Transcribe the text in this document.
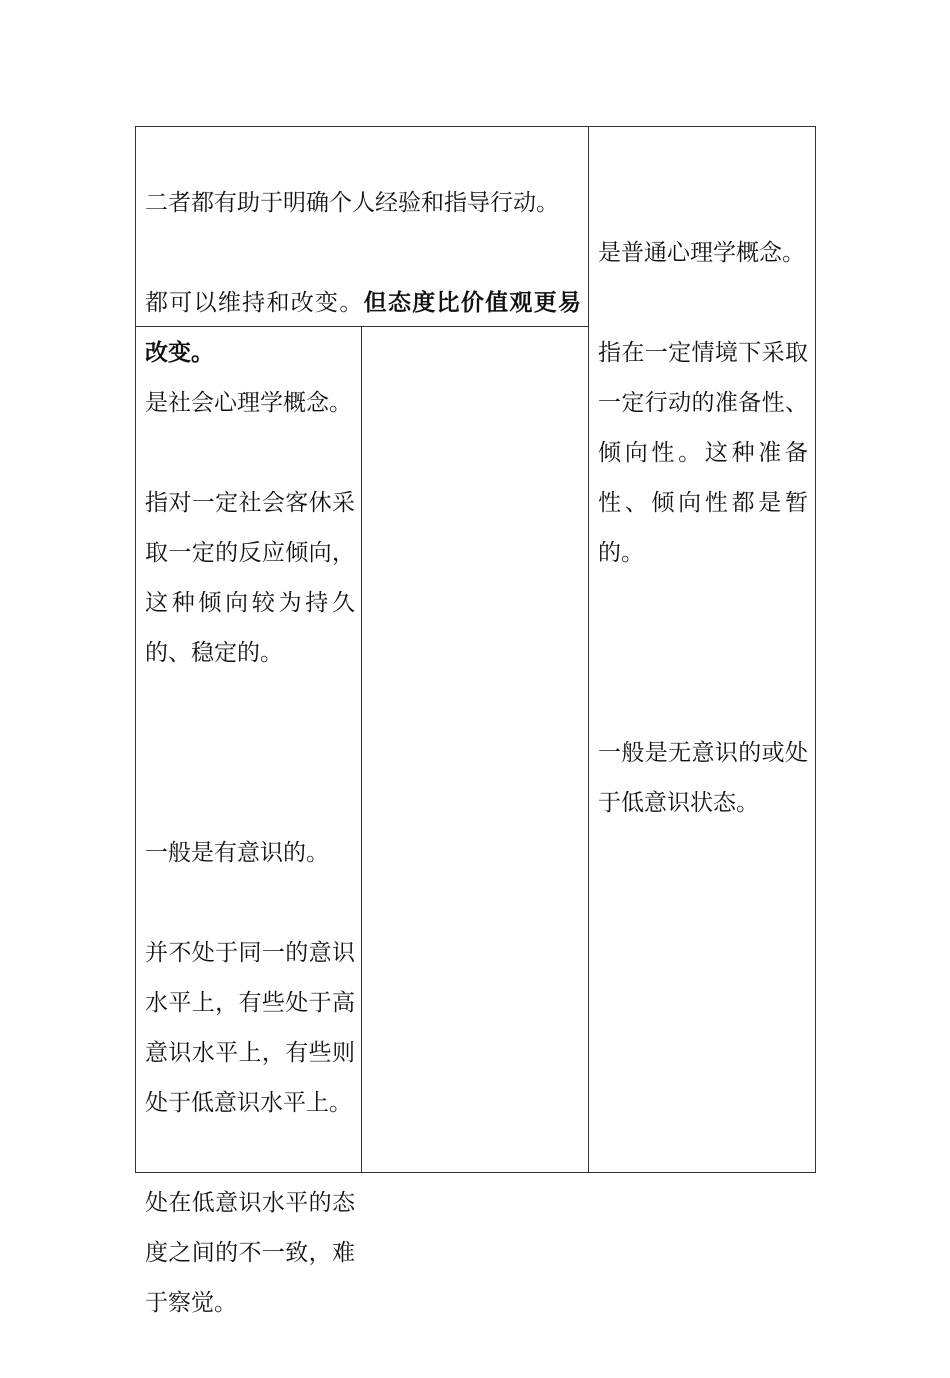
二者都有助于明确个人经验和指导行动。

都可以维持和改变。但态度比价值观更易改变。

是社会心理学概念。

指对一定社会客休采取一定的反应倾向，这种倾向较为持久的、稳定的。

一般是有意识的。

并不处于同一的意识水平上，有些处于高意识水平上，有些则处于低意识水平上。

处在低意识水平的态度之间的不一致，难于察觉。

是普通心理学概念。

指在一定情境下采取一定行动的准备性、倾向性。这种准备性、倾向性都是暂的。

一般是无意识的或处于低意识状态。
